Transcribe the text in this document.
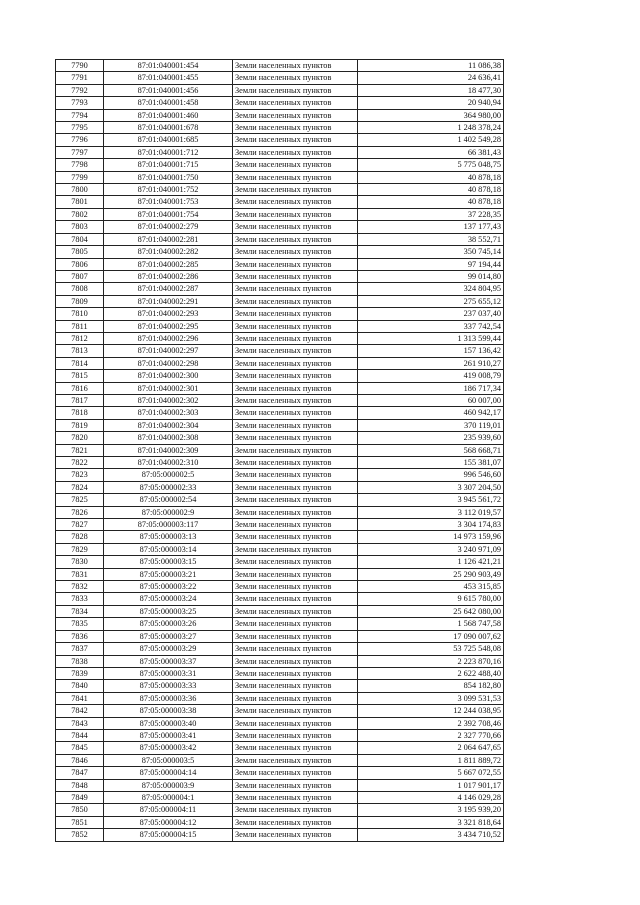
7790	87:01:040001:454	Земли населенных пунктов	11 086,38
7791	87:01:040001:455	Земли населенных пунктов	24 636,41
7792	87:01:040001:456	Земли населенных пунктов	18 477,30
7793	87:01:040001:458	Земли населенных пунктов	20 940,94
7794	87:01:040001:460	Земли населенных пунктов	364 980,00
7795	87:01:040001:678	Земли населенных пунктов	1 248 378,24
7796	87:01:040001:685	Земли населенных пунктов	1 402 549,28
7797	87:01:040001:712	Земли населенных пунктов	66 381,43
7798	87:01:040001:715	Земли населенных пунктов	5 775 048,75
7799	87:01:040001:750	Земли населенных пунктов	40 878,18
7800	87:01:040001:752	Земли населенных пунктов	40 878,18
7801	87:01:040001:753	Земли населенных пунктов	40 878,18
7802	87:01:040001:754	Земли населенных пунктов	37 228,35
7803	87:01:040002:279	Земли населенных пунктов	137 177,43
7804	87:01:040002:281	Земли населенных пунктов	38 552,71
7805	87:01:040002:282	Земли населенных пунктов	350 745,14
7806	87:01:040002:285	Земли населенных пунктов	97 194,44
7807	87:01:040002:286	Земли населенных пунктов	99 014,80
7808	87:01:040002:287	Земли населенных пунктов	324 804,95
7809	87:01:040002:291	Земли населенных пунктов	275 655,12
7810	87:01:040002:293	Земли населенных пунктов	237 037,40
7811	87:01:040002:295	Земли населенных пунктов	337 742,54
7812	87:01:040002:296	Земли населенных пунктов	1 313 599,44
7813	87:01:040002:297	Земли населенных пунктов	157 136,42
7814	87:01:040002:298	Земли населенных пунктов	261 910,27
7815	87:01:040002:300	Земли населенных пунктов	419 008,79
7816	87:01:040002:301	Земли населенных пунктов	186 717,34
7817	87:01:040002:302	Земли населенных пунктов	60 007,00
7818	87:01:040002:303	Земли населенных пунктов	460 942,17
7819	87:01:040002:304	Земли населенных пунктов	370 119,01
7820	87:01:040002:308	Земли населенных пунктов	235 939,60
7821	87:01:040002:309	Земли населенных пунктов	568 668,71
7822	87:01:040002:310	Земли населенных пунктов	155 381,07
7823	87:05:000002:5	Земли населенных пунктов	996 546,60
7824	87:05:000002:33	Земли населенных пунктов	3 307 204,50
7825	87:05:000002:54	Земли населенных пунктов	3 945 561,72
7826	87:05:000002:9	Земли населенных пунктов	3 112 019,57
7827	87:05:000003:117	Земли населенных пунктов	3 304 174,83
7828	87:05:000003:13	Земли населенных пунктов	14 973 159,96
7829	87:05:000003:14	Земли населенных пунктов	3 240 971,09
7830	87:05:000003:15	Земли населенных пунктов	1 126 421,21
7831	87:05:000003:21	Земли населенных пунктов	25 290 903,49
7832	87:05:000003:22	Земли населенных пунктов	453 315,85
7833	87:05:000003:24	Земли населенных пунктов	9 615 780,00
7834	87:05:000003:25	Земли населенных пунктов	25 642 080,00
7835	87:05:000003:26	Земли населенных пунктов	1 568 747,58
7836	87:05:000003:27	Земли населенных пунктов	17 090 007,62
7837	87:05:000003:29	Земли населенных пунктов	53 725 548,08
7838	87:05:000003:37	Земли населенных пунктов	2 223 870,16
7839	87:05:000003:31	Земли населенных пунктов	2 622 488,40
7840	87:05:000003:33	Земли населенных пунктов	854 182,80
7841	87:05:000003:36	Земли населенных пунктов	3 099 531,53
7842	87:05:000003:38	Земли населенных пунктов	12 244 038,95
7843	87:05:000003:40	Земли населенных пунктов	2 392 708,46
7844	87:05:000003:41	Земли населенных пунктов	2 327 770,66
7845	87:05:000003:42	Земли населенных пунктов	2 064 647,65
7846	87:05:000003:5	Земли населенных пунктов	1 811 889,72
7847	87:05:000004:14	Земли населенных пунктов	5 667 072,55
7848	87:05:000003:9	Земли населенных пунктов	1 017 901,17
7849	87:05:000004:1	Земли населенных пунктов	4 146 029,28
7850	87:05:000004:11	Земли населенных пунктов	3 195 939,20
7851	87:05:000004:12	Земли населенных пунктов	3 321 818,64
7852	87:05:000004:15	Земли населенных пунктов	3 434 710,52
